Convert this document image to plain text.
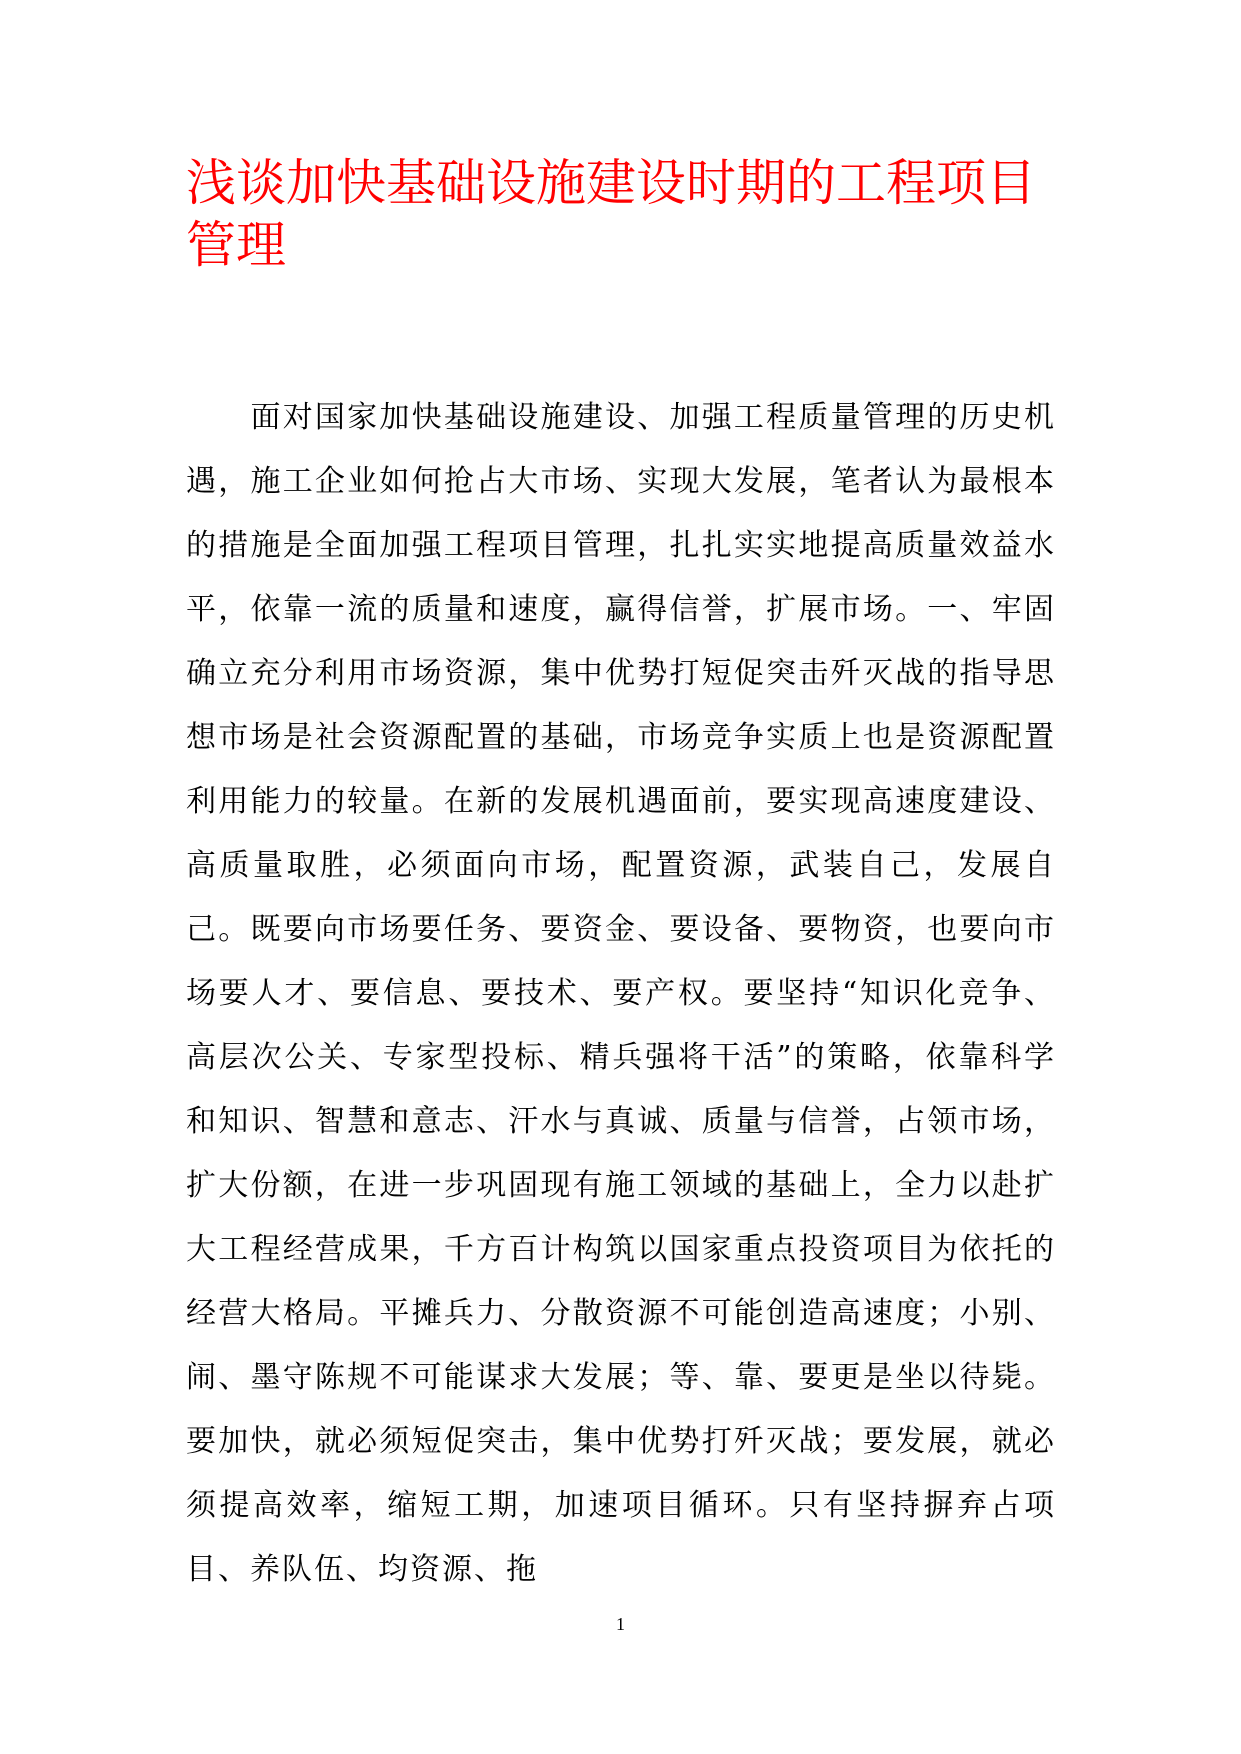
浅谈加快基础设施建设时期的工程项目管理

　　面对国家加快基础设施建设、加强工程质量管理的历史机遇，施工企业如何抢占大市场、实现大发展，笔者认为最根本的措施是全面加强工程项目管理，扎扎实实地提高质量效益水平，依靠一流的质量和速度，赢得信誉，扩展市场。一、牢固确立充分利用市场资源，集中优势打短促突击歼灭战的指导思想市场是社会资源配置的基础，市场竞争实质上也是资源配置利用能力的较量。在新的发展机遇面前，要实现高速度建设、高质量取胜，必须面向市场，配置资源，武装自己，发展自己。既要向市场要任务、要资金、要设备、要物资，也要向市场要人才、要信息、要技术、要产权。要坚持“知识化竞争、高层次公关、专家型投标、精兵强将干活”的策略，依靠科学和知识、智慧和意志、汗水与真诚、质量与信誉，占领市场，扩大份额，在进一步巩固现有施工领域的基础上，全力以赴扩大工程经营成果，千方百计构筑以国家重点投资项目为依托的经营大格局。平摊兵力、分散资源不可能创造高速度；小别、闹、墨守陈规不可能谋求大发展；等、靠、要更是坐以待毙。要加快，就必须短促突击，集中优势打歼灭战；要发展，就必须提高效率，缩短工期，加速项目循环。只有坚持摒弃占项目、养队伍、均资源、拖

1
